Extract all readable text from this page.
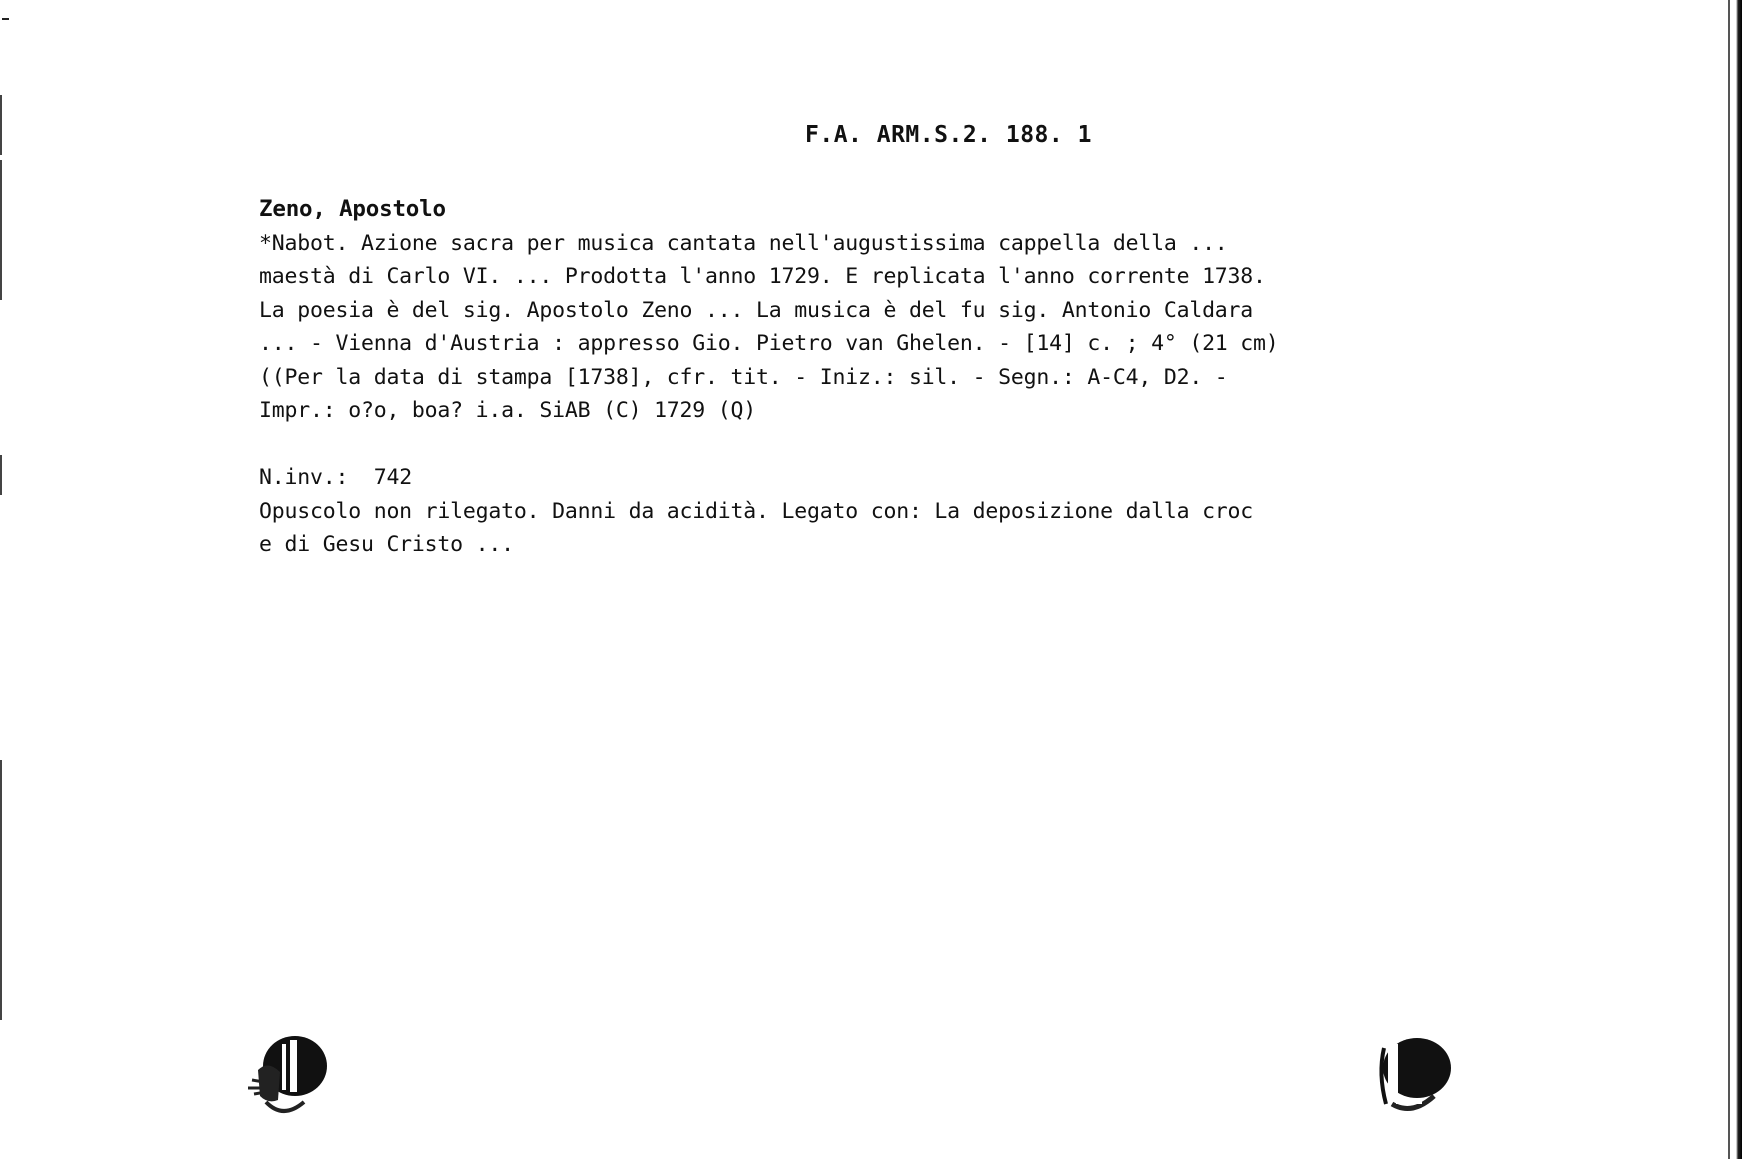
F.A. ARM.S.2. 188. 1
Zeno, Apostolo
*Nabot. Azione sacra per musica cantata nell'augustissima cappella della ...
maestà di Carlo VI. ... Prodotta l'anno 1729. E replicata l'anno corrente 1738.
La poesia è del sig. Apostolo Zeno ... La musica è del fu sig. Antonio Caldara
... - Vienna d'Austria : appresso Gio. Pietro van Ghelen. - [14] c. ; 4° (21 cm)
((Per la data di stampa [1738], cfr. tit. - Iniz.: sil. - Segn.: A-C4, D2. -
Impr.: o?o, boa? i.a. SiAB (C) 1729 (Q)
N.inv.: 742
Opuscolo non rilegato. Danni da acidità. Legato con: La deposizione dalla croc
e di Gesu Cristo ...
